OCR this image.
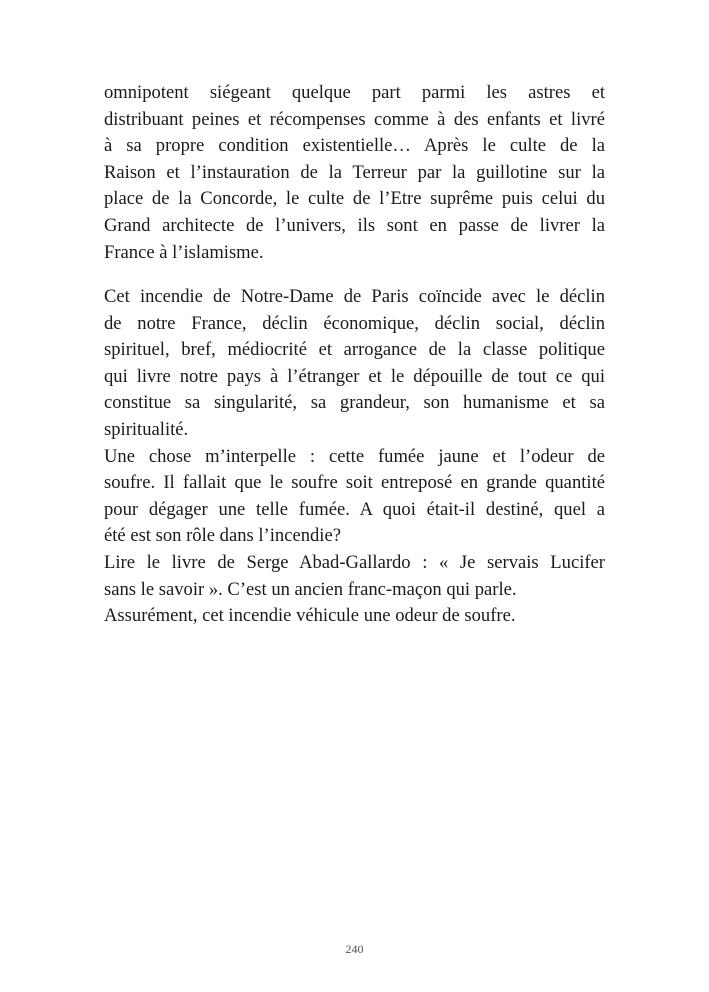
omnipotent siégeant quelque part parmi les astres et
distribuant peines et récompenses comme à des enfants et livré
à sa propre condition existentielle… Après le culte de la
Raison et l’instauration de la Terreur par la guillotine sur la
place de la Concorde, le culte de l’Etre suprême puis celui du
Grand architecte de l’univers, ils sont en passe de livrer la
France à l’islamisme.
Cet incendie de Notre-Dame de Paris coïncide avec le déclin
de notre France, déclin économique, déclin social, déclin
spirituel, bref, médiocrité et arrogance de la classe politique
qui livre notre pays à l’étranger et le dépouille de tout ce qui
constitue sa singularité, sa grandeur, son humanisme et sa
spiritualité.
Une chose m’interpelle : cette fumée jaune et l’odeur de
soufre. Il fallait que le soufre soit entreposé en grande quantité
pour dégager une telle fumée. A quoi était-il destiné, quel a
été est son rôle dans l’incendie?
Lire le livre de Serge Abad-Gallardo : « Je servais Lucifer
sans le savoir ». C’est un ancien franc-maçon qui parle.
Assurément, cet incendie véhicule une odeur de soufre.
240
